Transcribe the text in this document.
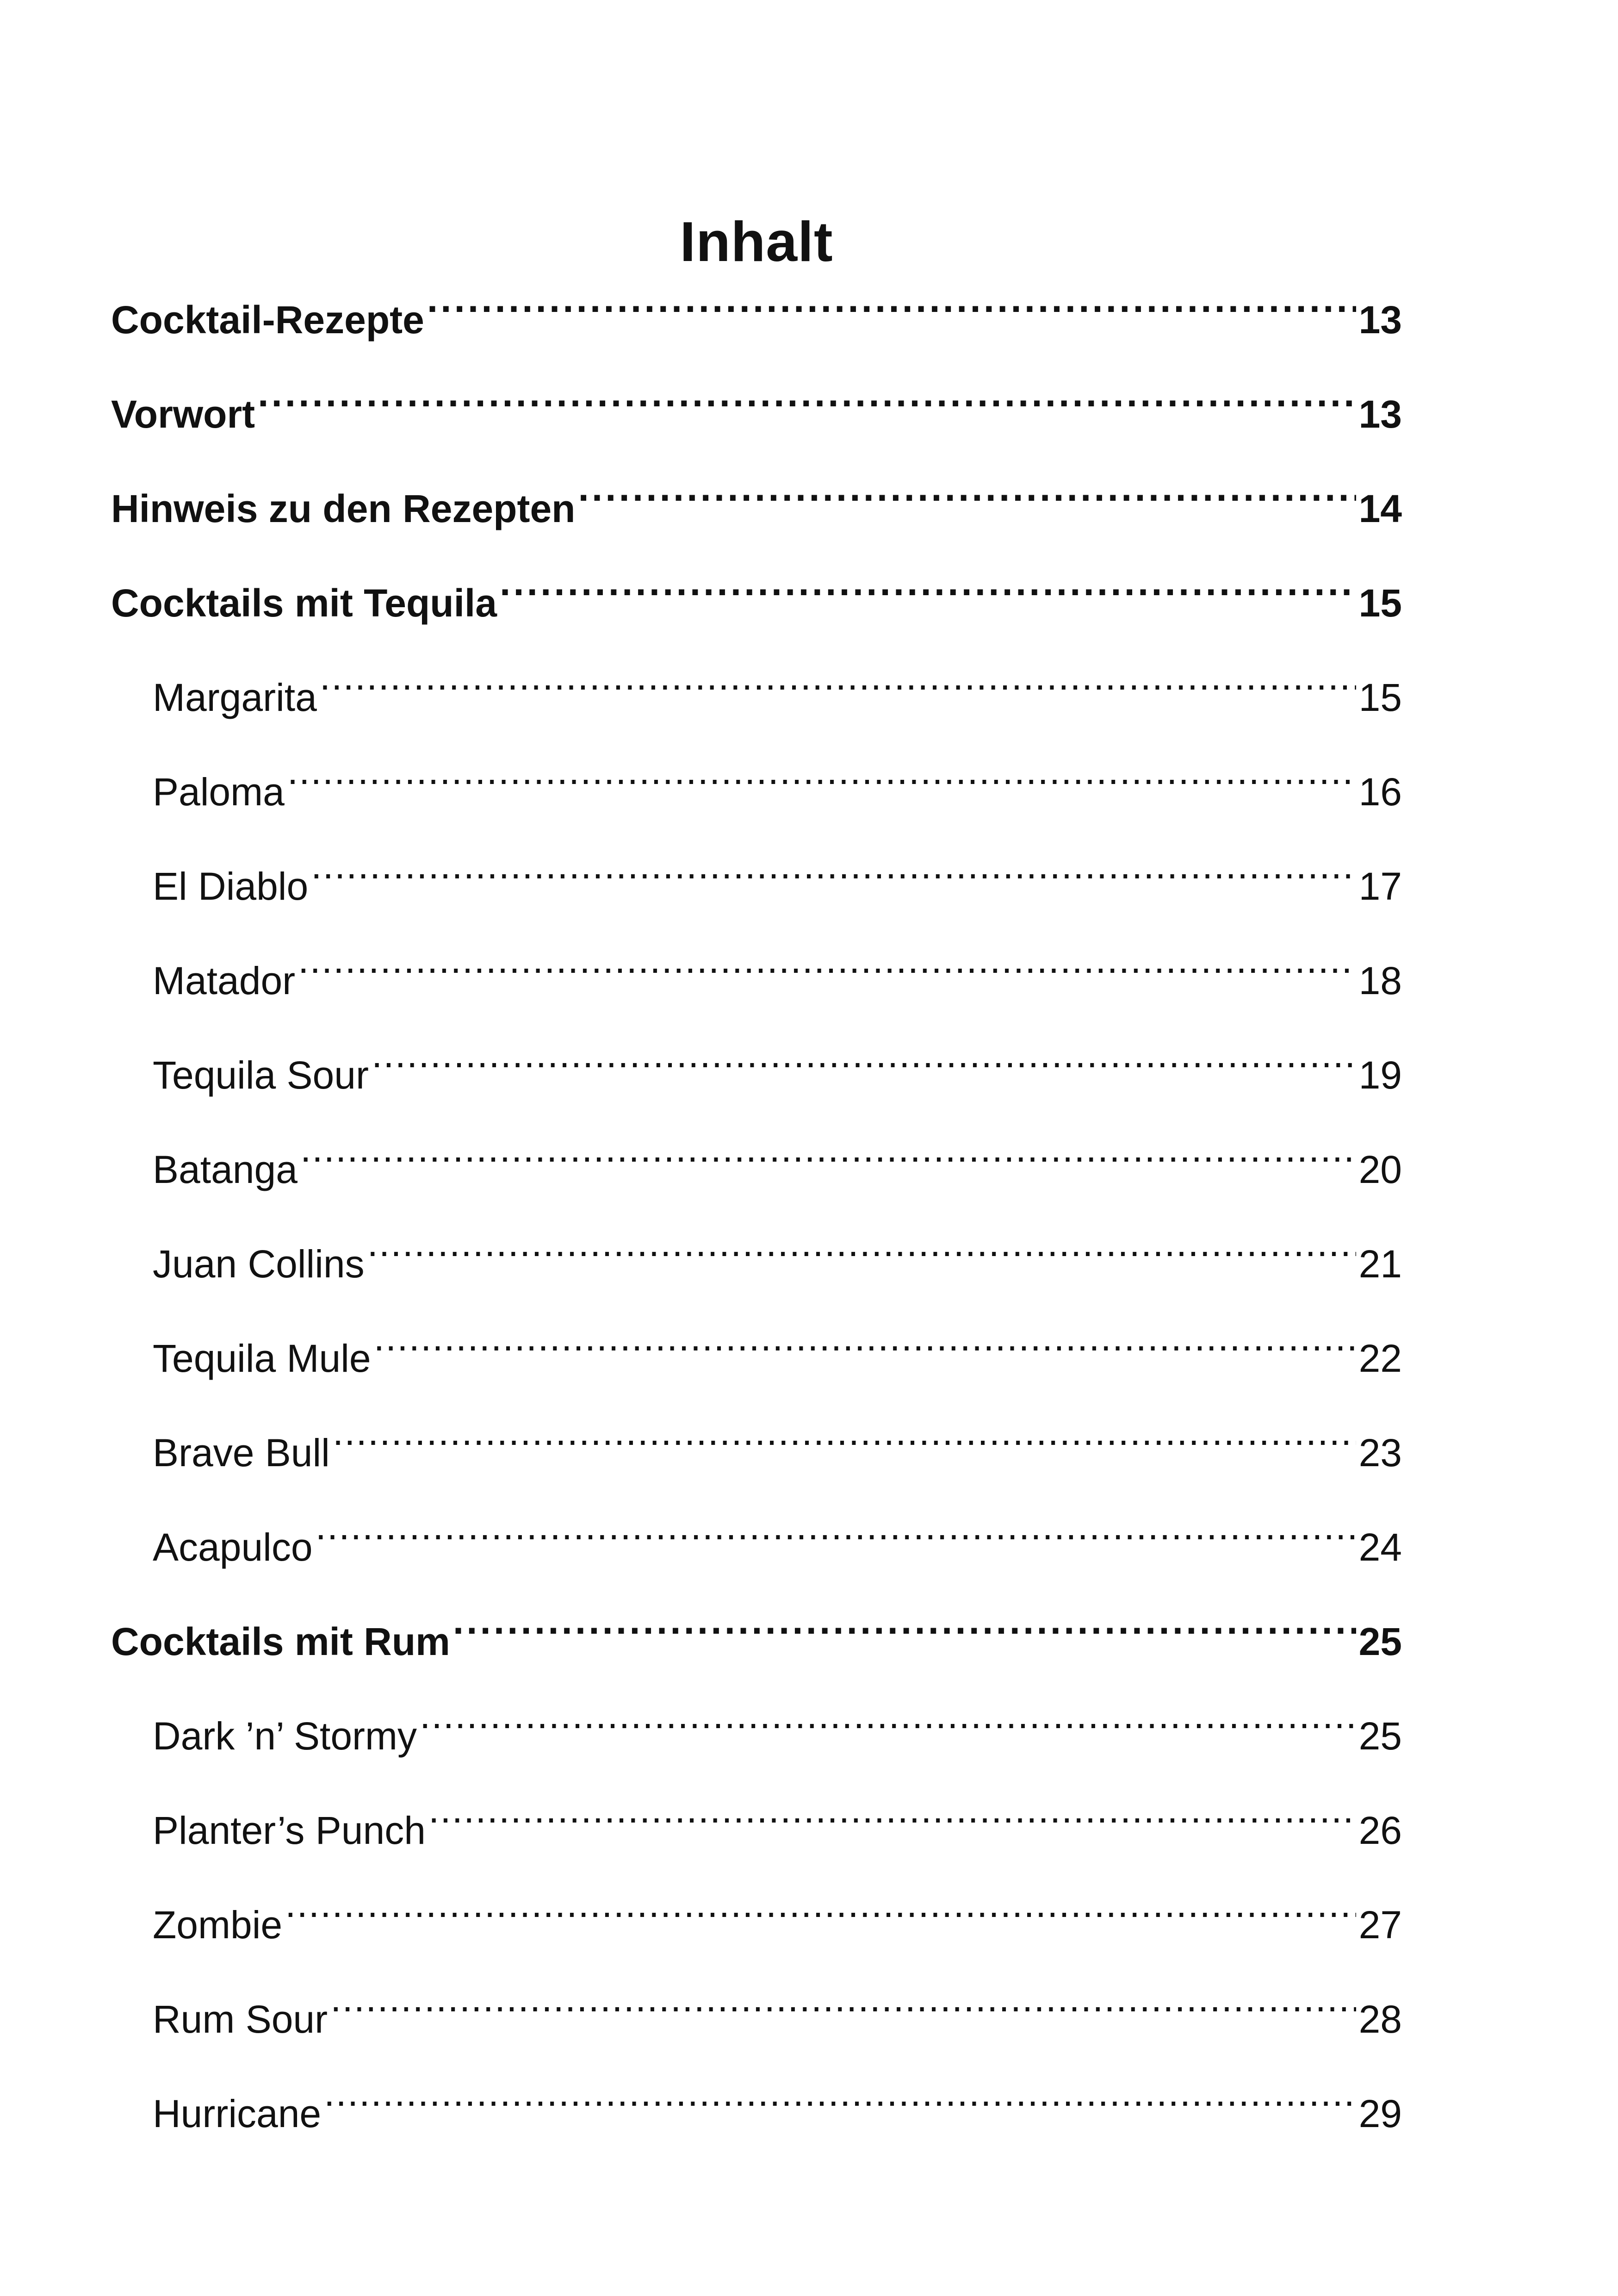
Inhalt
Cocktail-Rezepte .....	13
Vorwort .....	13
Hinweis zu den Rezepten .....	14
Cocktails mit Tequila .....	15
Margarita .....	15
Paloma .....	16
El Diablo .....	17
Matador .....	18
Tequila Sour .....	19
Batanga .....	20
Juan Collins .....	21
Tequila Mule .....	22
Brave Bull .....	23
Acapulco .....	24
Cocktails mit Rum .....	25
Dark ’n’ Stormy .....	25
Planter’s Punch .....	26
Zombie .....	27
Rum Sour .....	28
Hurricane .....	29
